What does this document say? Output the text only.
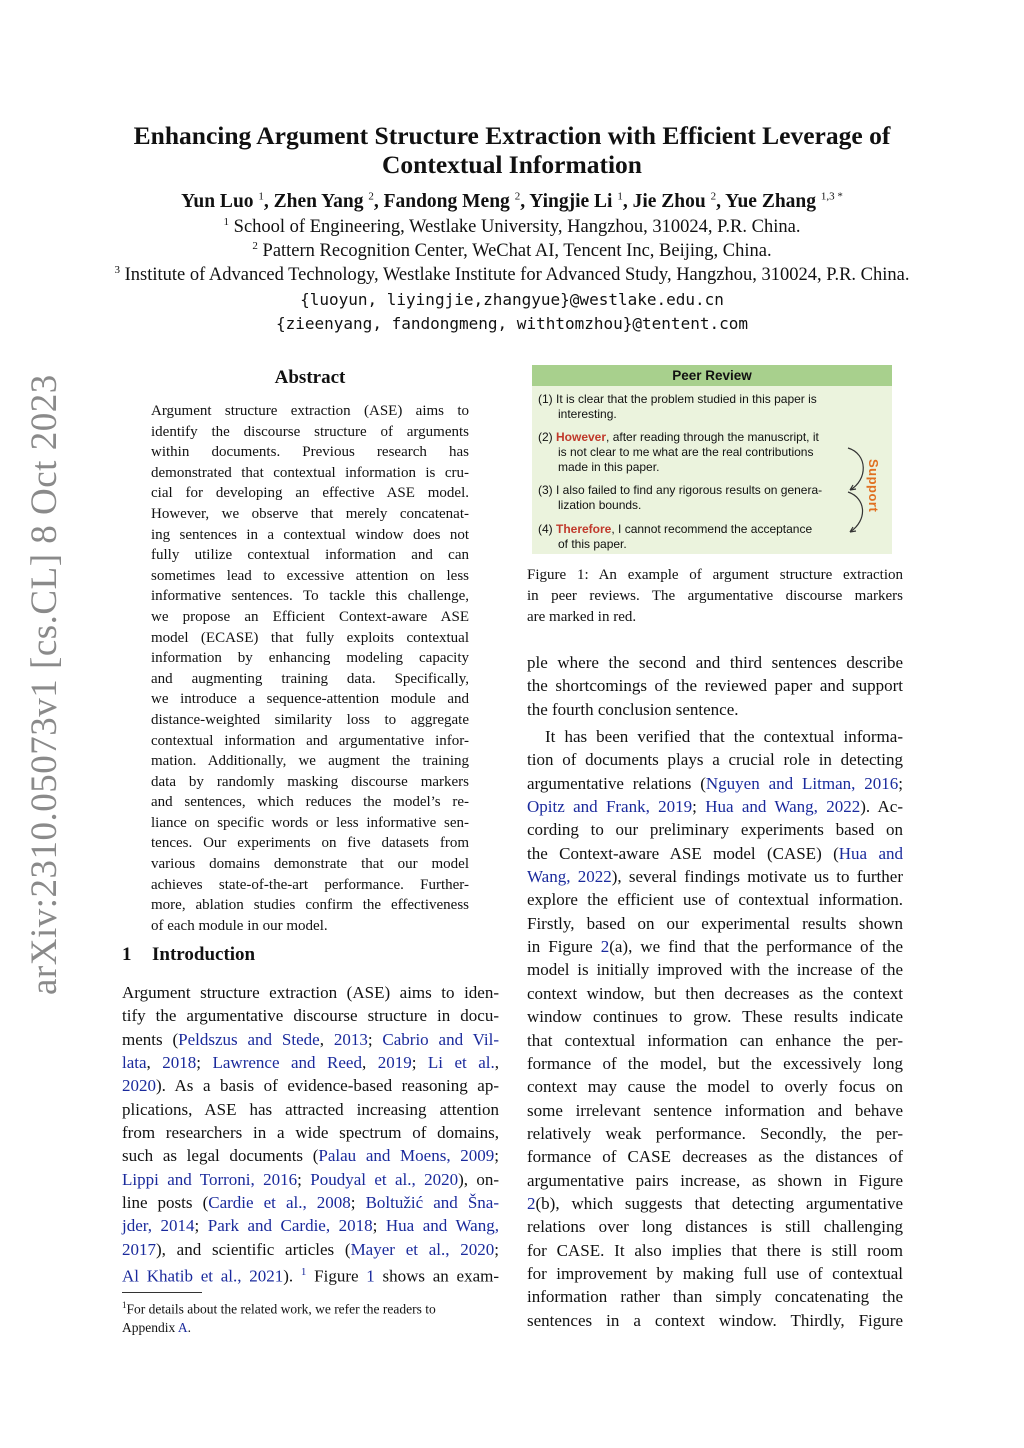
arXiv:2310.05073v1 [cs.CL] 8 Oct 2023
Enhancing Argument Structure Extraction with Efficient Leverage of
Contextual Information
Yun Luo $^1$, Zhen Yang $^2$, Fandong Meng $^2$, Yingjie Li $^1$, Jie Zhou $^2$, Yue Zhang $^{1,3 *}$
$^1$ School of Engineering, Westlake University, Hangzhou, 310024, P.R. China.
$^2$ Pattern Recognition Center, WeChat AI, Tencent Inc, Beijing, China.
$^3$ Institute of Advanced Technology, Westlake Institute for Advanced Study, Hangzhou, 310024, P.R. China.
{luoyun, liyingjie,zhangyue}@westlake.edu.cn
{zieenyang, fandongmeng, withtomzhou}@tentent.com
Abstract
Argument structure extraction (ASE) aims to
identify the discourse structure of arguments
within documents. Previous research has
demonstrated that contextual information is cru-
cial for developing an effective ASE model.
However, we observe that merely concatenat-
ing sentences in a contextual window does not
fully utilize contextual information and can
sometimes lead to excessive attention on less
informative sentences. To tackle this challenge,
we propose an Efficient Context-aware ASE
model (ECASE) that fully exploits contextual
information by enhancing modeling capacity
and augmenting training data. Specifically,
we introduce a sequence-attention module and
distance-weighted similarity loss to aggregate
contextual information and argumentative infor-
mation. Additionally, we augment the training
data by randomly masking discourse markers
and sentences, which reduces the model’s re-
liance on specific words or less informative sen-
tences. Our experiments on five datasets from
various domains demonstrate that our model
achieves state-of-the-art performance. Further-
more, ablation studies confirm the effectiveness
of each module in our model.
1 Introduction
Argument structure extraction (ASE) aims to iden-
tify the argumentative discourse structure in docu-
ments (Peldszus and Stede, 2013; Cabrio and Vil-
lata, 2018; Lawrence and Reed, 2019; Li et al.,
2020). As a basis of evidence-based reasoning ap-
plications, ASE has attracted increasing attention
from researchers in a wide spectrum of domains,
such as legal documents (Palau and Moens, 2009;
Lippi and Torroni, 2016; Poudyal et al., 2020), on-
line posts (Cardie et al., 2008; Boltužić and Šna-
jder, 2014; Park and Cardie, 2018; Hua and Wang,
2017), and scientific articles (Mayer et al., 2020;
Al Khatib et al., 2021). $^1$ Figure 1 shows an exam-
$^1$For details about the related work, we refer the readers to
Appendix A.
Peer Review
(1) It is clear that the problem studied in this paper is
interesting.
(2) However, after reading through the manuscript, it
is not clear to me what are the real contributions
made in this paper.
(3) I also failed to find any rigorous results on genera-
lization bounds.
(4) Therefore, I cannot recommend the acceptance
of this paper.
Support
Figure 1: An example of argument structure extraction
in peer reviews. The argumentative discourse markers
are marked in red.
ple where the second and third sentences describe
the shortcomings of the reviewed paper and support
the fourth conclusion sentence.
It has been verified that the contextual informa-
tion of documents plays a crucial role in detecting
argumentative relations (Nguyen and Litman, 2016;
Opitz and Frank, 2019; Hua and Wang, 2022). Ac-
cording to our preliminary experiments based on
the Context-aware ASE model (CASE) (Hua and
Wang, 2022), several findings motivate us to further
explore the efficient use of contextual information.
Firstly, based on our experimental results shown
in Figure 2(a), we find that the performance of the
model is initially improved with the increase of the
context window, but then decreases as the context
window continues to grow. These results indicate
that contextual information can enhance the per-
formance of the model, but the excessively long
context may cause the model to overly focus on
some irrelevant sentence information and behave
relatively weak performance. Secondly, the per-
formance of CASE decreases as the distances of
argumentative pairs increase, as shown in Figure
2(b), which suggests that detecting argumentative
relations over long distances is still challenging
for CASE. It also implies that there is still room
for improvement by making full use of contextual
information rather than simply concatenating the
sentences in a context window. Thirdly, Figure
